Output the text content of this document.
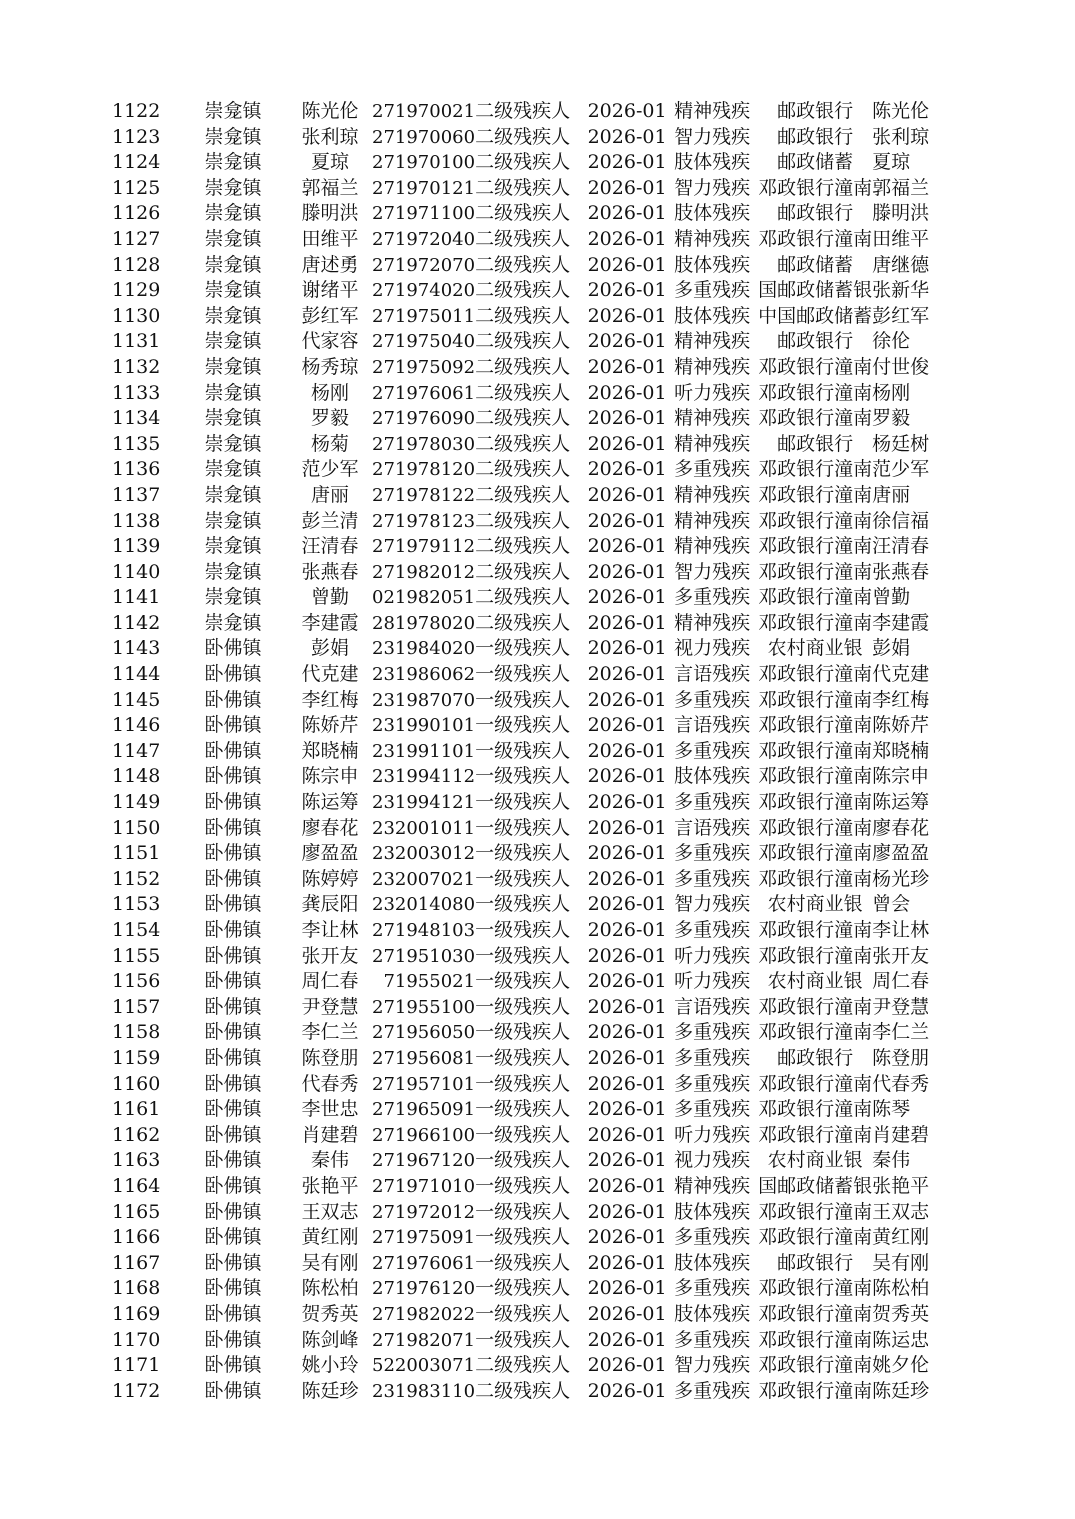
1122	崇龛镇	陈光伦	271970021	二级残疾人	2026-01	精神残疾	邮政银行	陈光伦
1123	崇龛镇	张利琼	271970060	二级残疾人	2026-01	智力残疾	邮政银行	张利琼
1124	崇龛镇	夏琼	271970100	二级残疾人	2026-01	肢体残疾	邮政储蓄	夏琼
1125	崇龛镇	郭福兰	271970121	二级残疾人	2026-01	智力残疾	邓政银行潼南	郭福兰
1126	崇龛镇	滕明洪	271971100	二级残疾人	2026-01	肢体残疾	邮政银行	滕明洪
1127	崇龛镇	田维平	271972040	二级残疾人	2026-01	精神残疾	邓政银行潼南	田维平
1128	崇龛镇	唐述勇	271972070	二级残疾人	2026-01	肢体残疾	邮政储蓄	唐继德
1129	崇龛镇	谢绪平	271974020	二级残疾人	2026-01	多重残疾	国邮政储蓄银	张新华
1130	崇龛镇	彭红军	271975011	二级残疾人	2026-01	肢体残疾	中国邮政储蓄	彭红军
1131	崇龛镇	代家容	271975040	二级残疾人	2026-01	精神残疾	邮政银行	徐伦
1132	崇龛镇	杨秀琼	271975092	二级残疾人	2026-01	精神残疾	邓政银行潼南	付世俊
1133	崇龛镇	杨刚	271976061	二级残疾人	2026-01	听力残疾	邓政银行潼南	杨刚
1134	崇龛镇	罗毅	271976090	二级残疾人	2026-01	精神残疾	邓政银行潼南	罗毅
1135	崇龛镇	杨菊	271978030	二级残疾人	2026-01	精神残疾	邮政银行	杨廷树
1136	崇龛镇	范少军	271978120	二级残疾人	2026-01	多重残疾	邓政银行潼南	范少军
1137	崇龛镇	唐丽	271978122	二级残疾人	2026-01	精神残疾	邓政银行潼南	唐丽
1138	崇龛镇	彭兰清	271978123	二级残疾人	2026-01	精神残疾	邓政银行潼南	徐信福
1139	崇龛镇	汪清春	271979112	二级残疾人	2026-01	精神残疾	邓政银行潼南	汪清春
1140	崇龛镇	张燕春	271982012	二级残疾人	2026-01	智力残疾	邓政银行潼南	张燕春
1141	崇龛镇	曾勤	021982051	二级残疾人	2026-01	多重残疾	邓政银行潼南	曾勤
1142	崇龛镇	李建霞	281978020	二级残疾人	2026-01	精神残疾	邓政银行潼南	李建霞
1143	卧佛镇	彭娟	231984020	一级残疾人	2026-01	视力残疾	农村商业银	彭娟
1144	卧佛镇	代克建	231986062	一级残疾人	2026-01	言语残疾	邓政银行潼南	代克建
1145	卧佛镇	李红梅	231987070	一级残疾人	2026-01	多重残疾	邓政银行潼南	李红梅
1146	卧佛镇	陈娇芹	231990101	一级残疾人	2026-01	言语残疾	邓政银行潼南	陈娇芹
1147	卧佛镇	郑晓楠	231991101	一级残疾人	2026-01	多重残疾	邓政银行潼南	郑晓楠
1148	卧佛镇	陈宗申	231994112	一级残疾人	2026-01	肢体残疾	邓政银行潼南	陈宗申
1149	卧佛镇	陈运筹	231994121	一级残疾人	2026-01	多重残疾	邓政银行潼南	陈运筹
1150	卧佛镇	廖春花	232001011	一级残疾人	2026-01	言语残疾	邓政银行潼南	廖春花
1151	卧佛镇	廖盈盈	232003012	一级残疾人	2026-01	多重残疾	邓政银行潼南	廖盈盈
1152	卧佛镇	陈婷婷	232007021	一级残疾人	2026-01	多重残疾	邓政银行潼南	杨光珍
1153	卧佛镇	龚辰阳	232014080	一级残疾人	2026-01	智力残疾	农村商业银	曾会
1154	卧佛镇	李让林	271948103	一级残疾人	2026-01	多重残疾	邓政银行潼南	李让林
1155	卧佛镇	张开友	271951030	一级残疾人	2026-01	听力残疾	邓政银行潼南	张开友
1156	卧佛镇	周仁春	71955021	一级残疾人	2026-01	听力残疾	农村商业银	周仁春
1157	卧佛镇	尹登慧	271955100	一级残疾人	2026-01	言语残疾	邓政银行潼南	尹登慧
1158	卧佛镇	李仁兰	271956050	一级残疾人	2026-01	多重残疾	邓政银行潼南	李仁兰
1159	卧佛镇	陈登朋	271956081	一级残疾人	2026-01	多重残疾	邮政银行	陈登朋
1160	卧佛镇	代春秀	271957101	一级残疾人	2026-01	多重残疾	邓政银行潼南	代春秀
1161	卧佛镇	李世忠	271965091	一级残疾人	2026-01	多重残疾	邓政银行潼南	陈琴
1162	卧佛镇	肖建碧	271966100	一级残疾人	2026-01	听力残疾	邓政银行潼南	肖建碧
1163	卧佛镇	秦伟	271967120	一级残疾人	2026-01	视力残疾	农村商业银	秦伟
1164	卧佛镇	张艳平	271971010	一级残疾人	2026-01	精神残疾	国邮政储蓄银	张艳平
1165	卧佛镇	王双志	271972012	一级残疾人	2026-01	肢体残疾	邓政银行潼南	王双志
1166	卧佛镇	黄红刚	271975091	一级残疾人	2026-01	多重残疾	邓政银行潼南	黄红刚
1167	卧佛镇	吴有刚	271976061	一级残疾人	2026-01	肢体残疾	邮政银行	吴有刚
1168	卧佛镇	陈松柏	271976120	一级残疾人	2026-01	多重残疾	邓政银行潼南	陈松柏
1169	卧佛镇	贺秀英	271982022	一级残疾人	2026-01	肢体残疾	邓政银行潼南	贺秀英
1170	卧佛镇	陈剑峰	271982071	一级残疾人	2026-01	多重残疾	邓政银行潼南	陈运忠
1171	卧佛镇	姚小玲	522003071	二级残疾人	2026-01	智力残疾	邓政银行潼南	姚夕伦
1172	卧佛镇	陈廷珍	231983110	二级残疾人	2026-01	多重残疾	邓政银行潼南	陈廷珍
